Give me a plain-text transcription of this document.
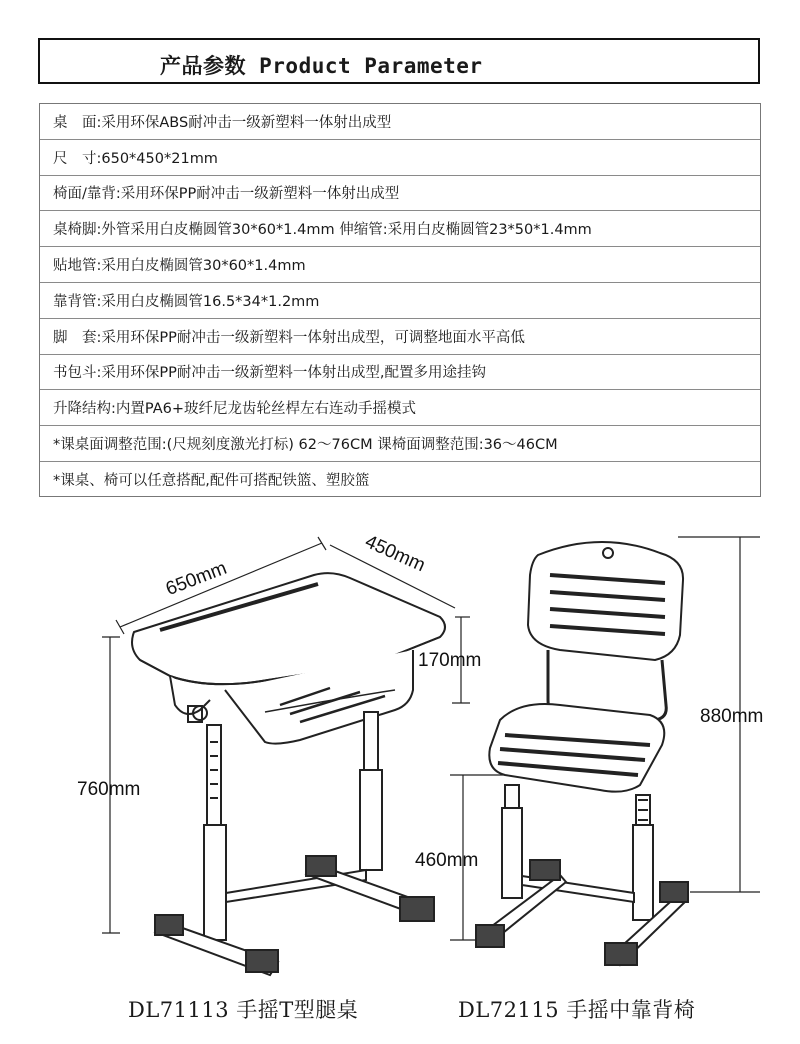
产品参数 Product Parameter
桌　面:采用环保ABS耐冲击一级新塑料一体射出成型
尺　寸:650*450*21mm
椅面/靠背:采用环保PP耐冲击一级新塑料一体射出成型
桌椅脚:外管采用白皮椭圆管30*60*1.4mm 伸缩管:采用白皮椭圆管23*50*1.4mm
贴地管:采用白皮椭圆管30*60*1.4mm
靠背管:采用白皮椭圆管16.5*34*1.2mm
脚　套:采用环保PP耐冲击一级新塑料一体射出成型，可调整地面水平高低
书包斗:采用环保PP耐冲击一级新塑料一体射出成型,配置多用途挂钩
升降结构:内置PA6+玻纤尼龙齿轮丝桿左右连动手摇模式
*课桌面调整范围:(尺规刻度激光打标) 62～76CM 课椅面调整范围:36～46CM
*课桌、椅可以任意搭配,配件可搭配铁篮、塑胶篮
650mm
450mm
170mm
760mm
880mm
460mm
DL71113 手摇T型腿桌	DL72115 手摇中靠背椅
